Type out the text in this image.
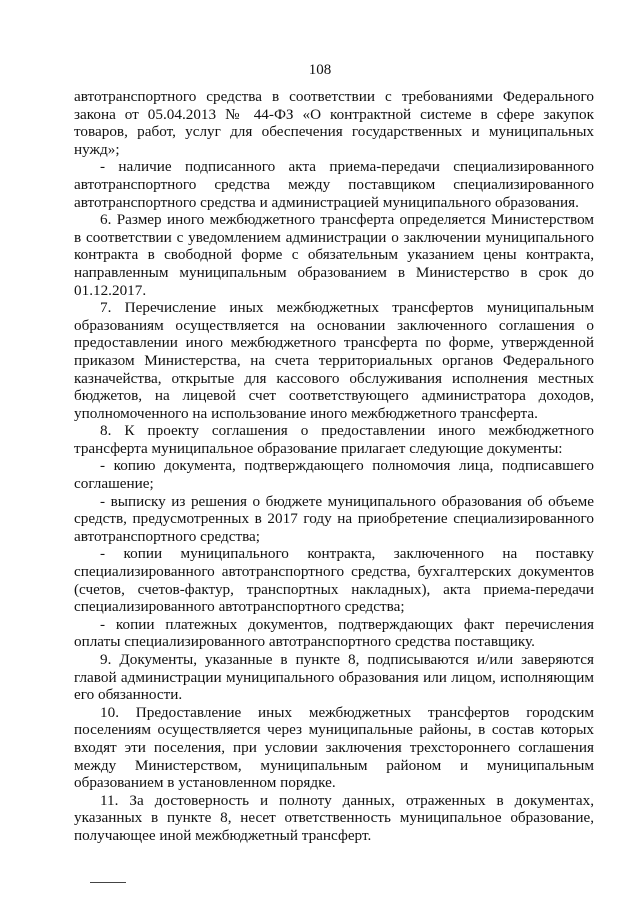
108

автотранспортного средства в соответствии с требованиями Федерального закона от 05.04.2013 № 44-ФЗ «О контрактной системе в сфере закупок товаров, работ, услуг для обеспечения государственных и муниципальных нужд»;

- наличие подписанного акта приема-передачи специализированного автотранспортного средства между поставщиком специализированного автотранспортного средства и администрацией муниципального образования.

6. Размер иного межбюджетного трансферта определяется Министерством в соответствии с уведомлением администрации о заключении муниципального контракта в свободной форме с обязательным указанием цены контракта, направленным муниципальным образованием в Министерство в срок до 01.12.2017.

7. Перечисление иных межбюджетных трансфертов муниципальным образованиям осуществляется на основании заключенного соглашения о предоставлении иного межбюджетного трансферта по форме, утвержденной приказом Министерства, на счета территориальных органов Федерального казначейства, открытые для кассового обслуживания исполнения местных бюджетов, на лицевой счет соответствующего администратора доходов, уполномоченного на использование иного межбюджетного трансферта.

8. К проекту соглашения о предоставлении иного межбюджетного трансферта муниципальное образование прилагает следующие документы:

- копию документа, подтверждающего полномочия лица, подписавшего соглашение;

- выписку из решения о бюджете муниципального образования об объеме средств, предусмотренных в 2017 году на приобретение специализированного автотранспортного средства;

- копии муниципального контракта, заключенного на поставку специализированного автотранспортного средства, бухгалтерских документов (счетов, счетов-фактур, транспортных накладных), акта приема-передачи специализированного автотранспортного средства;

- копии платежных документов, подтверждающих факт перечисления оплаты специализированного автотранспортного средства поставщику.

9. Документы, указанные в пункте 8, подписываются и/или заверяются главой администрации муниципального образования или лицом, исполняющим его обязанности.

10. Предоставление иных межбюджетных трансфертов городским поселениям осуществляется через муниципальные районы, в состав которых входят эти поселения, при условии заключения трехстороннего соглашения между Министерством, муниципальным районом и муниципальным образованием в установленном порядке.

11. За достоверность и полноту данных, отраженных в документах, указанных в пункте 8, несет ответственность муниципальное образование, получающее иной межбюджетный трансферт.
